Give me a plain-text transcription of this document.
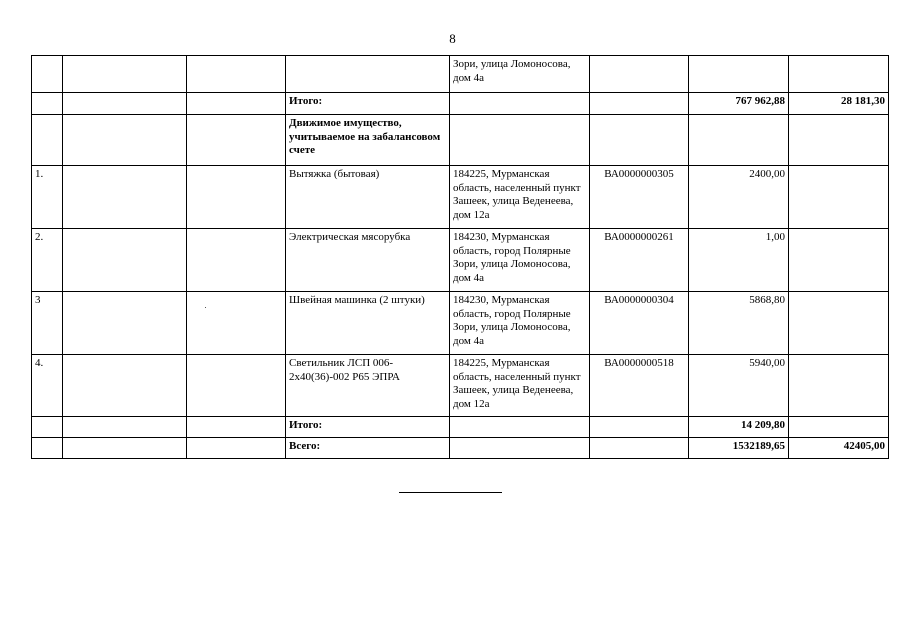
8
				Зори, улица Ломоносова, дом 4а			
			Итого:			767 962,88	28 181,30
			Движимое имущество, учитываемое на забалансовом счете				
1.			Вытяжка (бытовая)	184225, Мурманская область, населенный пункт Зашеек, улица Веденеева, дом 12а	ВА0000000305	2400,00	
2.			Электрическая мясорубка	184230, Мурманская область, город Полярные Зори, улица Ломоносова, дом 4а	ВА0000000261	1,00	
3			Швейная машинка (2 штуки)	184230, Мурманская область, город Полярные Зори, улица Ломоносова, дом 4а	ВА0000000304	5868,80	
4.			Светильник ЛСП 006-2х40(36)-002 Р65 ЭПРА	184225, Мурманская область, населенный пункт Зашеек, улица Веденеева, дом 12а	ВА0000000518	5940,00	
			Итого:			14 209,80	
			Всего:			1532189,65	42405,00
